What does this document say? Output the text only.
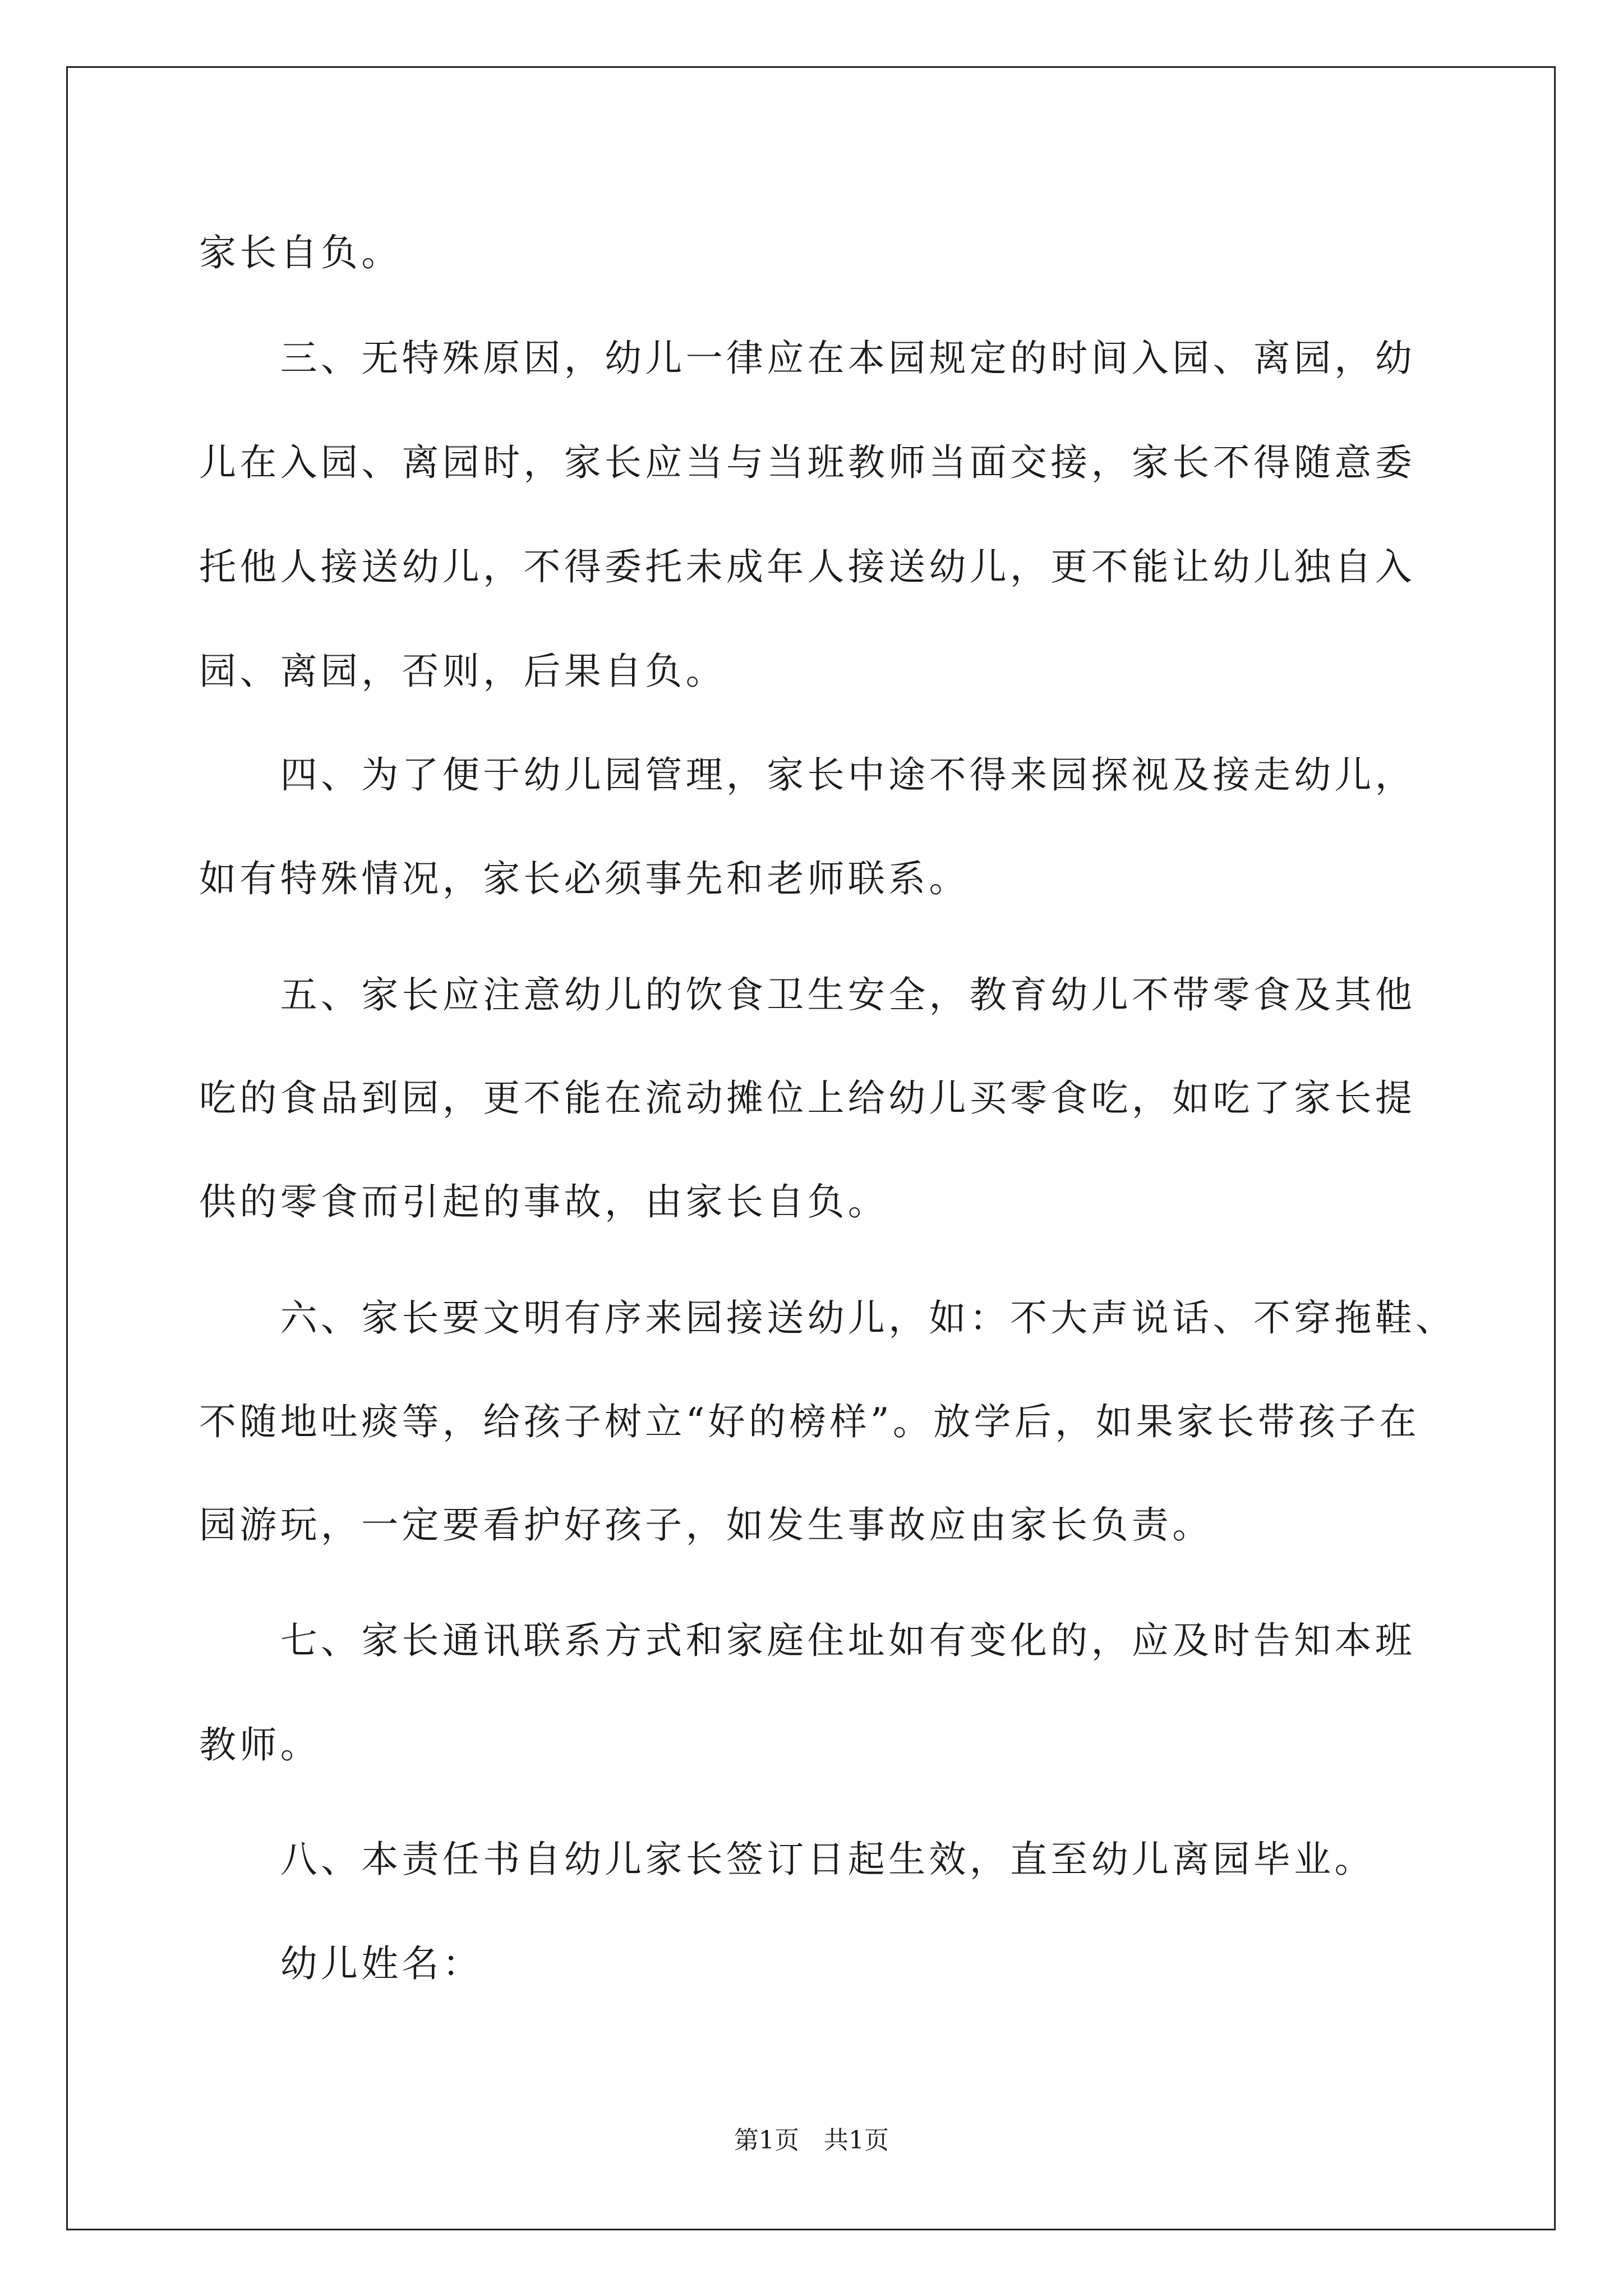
家长自负。
　　三、无特殊原因，幼儿一律应在本园规定的时间入园、离园，幼
儿在入园、离园时，家长应当与当班教师当面交接，家长不得随意委
托他人接送幼儿，不得委托未成年人接送幼儿，更不能让幼儿独自入
园、离园，否则，后果自负。
　　四、为了便于幼儿园管理，家长中途不得来园探视及接走幼儿，
如有特殊情况，家长必须事先和老师联系。
　　五、家长应注意幼儿的饮食卫生安全，教育幼儿不带零食及其他
吃的食品到园，更不能在流动摊位上给幼儿买零食吃，如吃了家长提
供的零食而引起的事故，由家长自负。
　　六、家长要文明有序来园接送幼儿，如：不大声说话、不穿拖鞋、
不随地吐痰等，给孩子树立“好的榜样”。放学后，如果家长带孩子在
园游玩，一定要看护好孩子，如发生事故应由家长负责。
　　七、家长通讯联系方式和家庭住址如有变化的，应及时告知本班
教师。
　　八、本责任书自幼儿家长签订日起生效，直至幼儿离园毕业。
　　幼儿姓名：
第1页　共1页
